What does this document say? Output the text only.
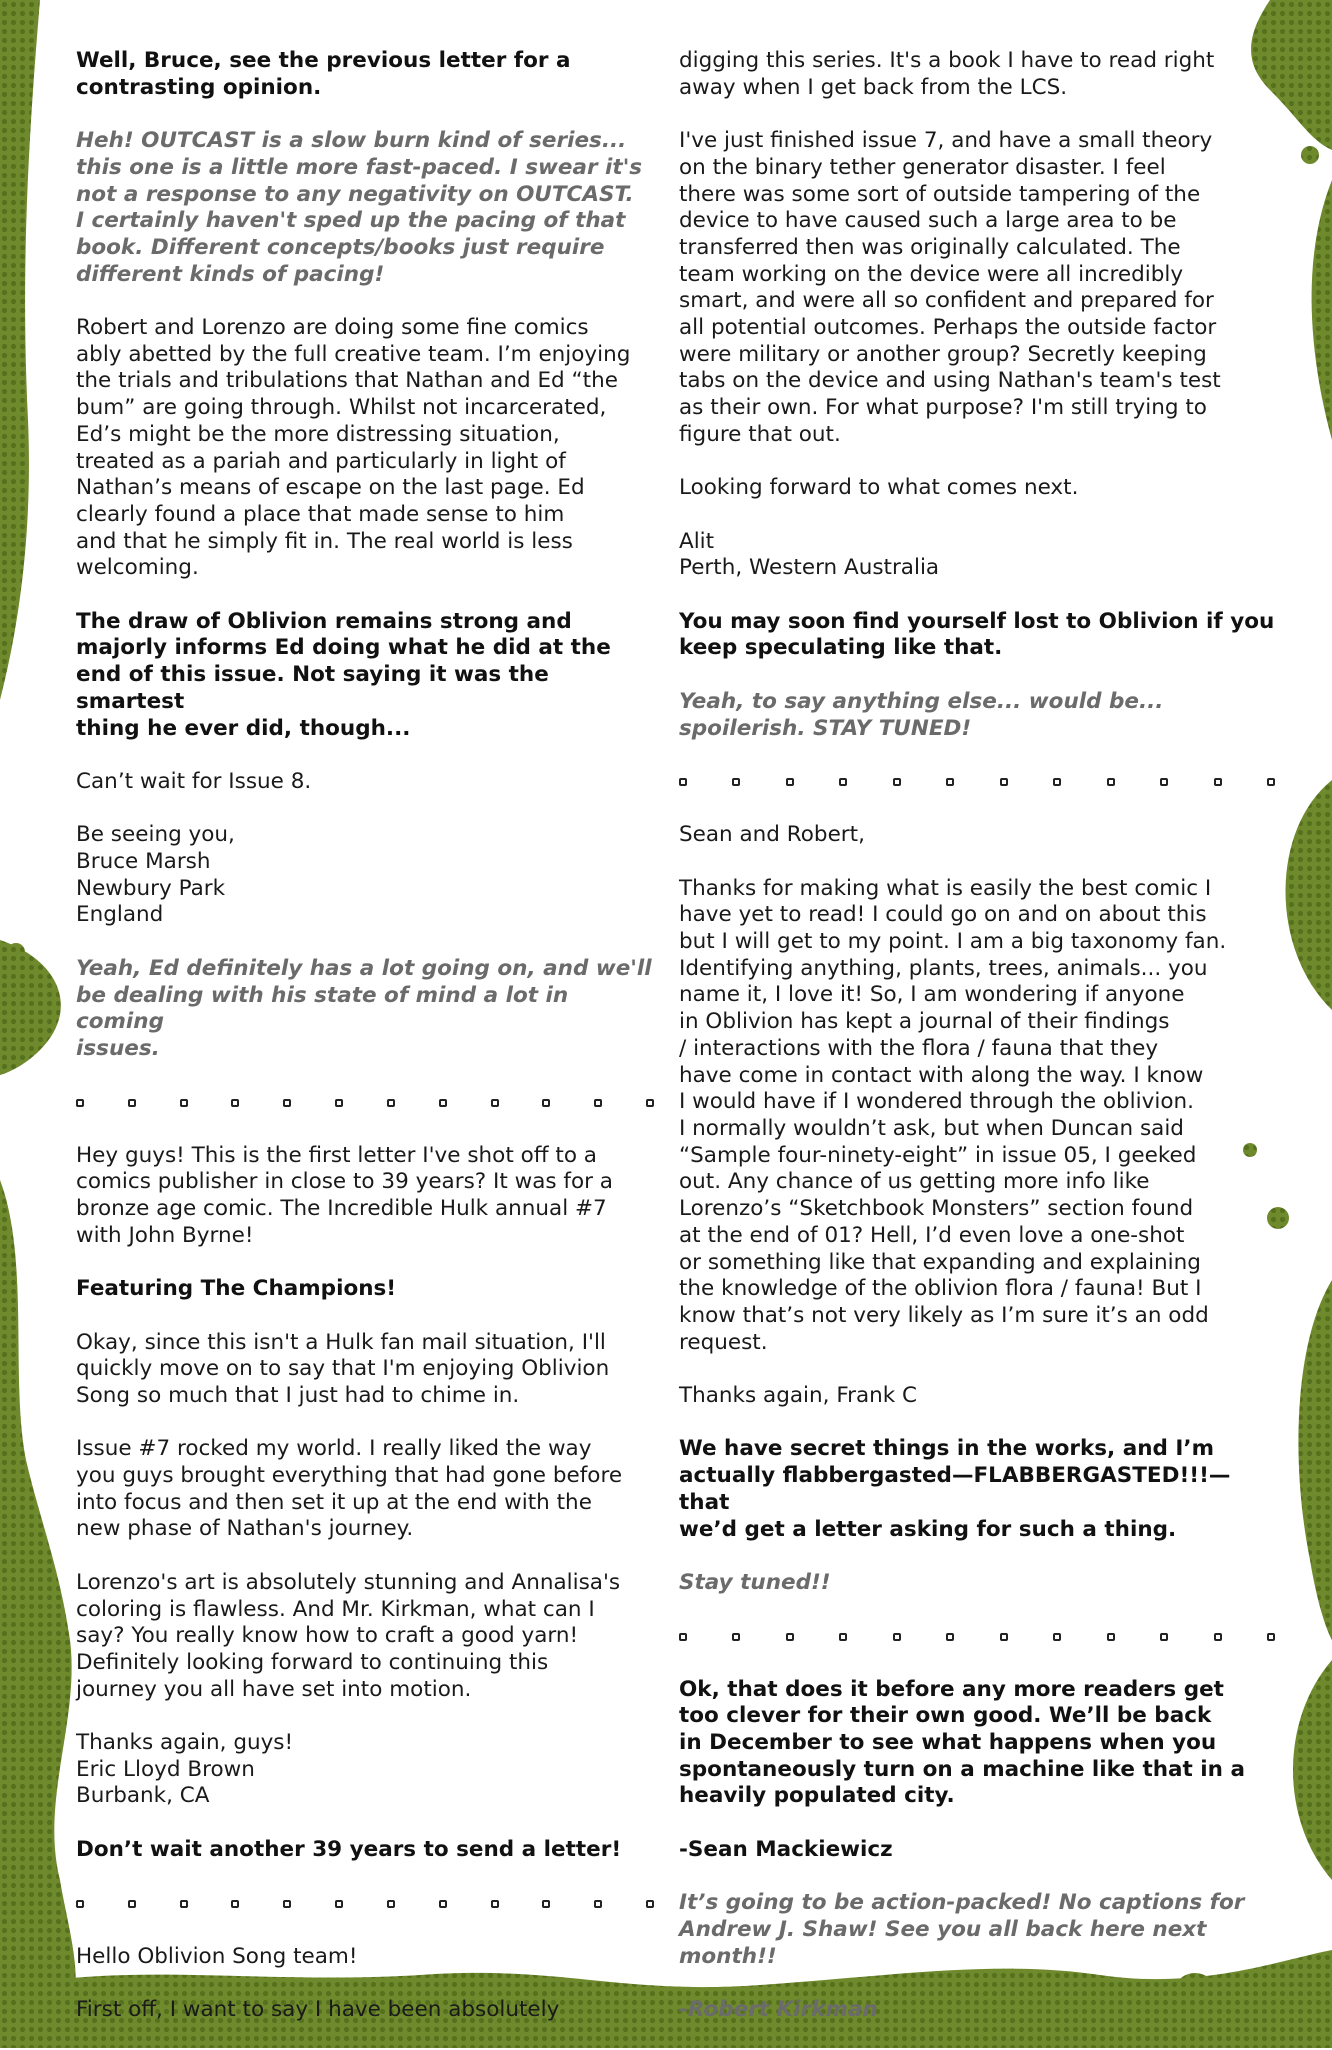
Well, Bruce, see the previous letter for a
contrasting opinion.

Heh! OUTCAST is a slow burn kind of series...
this one is a little more fast-paced. I swear it's
not a response to any negativity on OUTCAST.
I certainly haven't sped up the pacing of that
book. Different concepts/books just require
different kinds of pacing!

Robert and Lorenzo are doing some fine comics
ably abetted by the full creative team. I’m enjoying
the trials and tribulations that Nathan and Ed “the
bum” are going through. Whilst not incarcerated,
Ed’s might be the more distressing situation,
treated as a pariah and particularly in light of
Nathan’s means of escape on the last page. Ed
clearly found a place that made sense to him
and that he simply fit in. The real world is less
welcoming.

The draw of Oblivion remains strong and
majorly informs Ed doing what he did at the
end of this issue. Not saying it was the smartest
thing he ever did, though...

Can’t wait for Issue 8.

Be seeing you,
Bruce Marsh
Newbury Park
England

Yeah, Ed definitely has a lot going on, and we'll
be dealing with his state of mind a lot in coming
issues.

Hey guys! This is the first letter I've shot off to a
comics publisher in close to 39 years? It was for a
bronze age comic. The Incredible Hulk annual #7
with John Byrne!

Featuring The Champions!

Okay, since this isn't a Hulk fan mail situation, I'll
quickly move on to say that I'm enjoying Oblivion
Song so much that I just had to chime in.

Issue #7 rocked my world. I really liked the way
you guys brought everything that had gone before
into focus and then set it up at the end with the
new phase of Nathan's journey.

Lorenzo's art is absolutely stunning and Annalisa's
coloring is flawless. And Mr. Kirkman, what can I
say? You really know how to craft a good yarn!
Definitely looking forward to continuing this
journey you all have set into motion.

Thanks again, guys!
Eric Lloyd Brown
Burbank, CA

Don’t wait another 39 years to send a letter!

Hello Oblivion Song team!

First off, I want to say I have been absolutely

digging this series. It's a book I have to read right
away when I get back from the LCS.

I've just finished issue 7, and have a small theory
on the binary tether generator disaster. I feel
there was some sort of outside tampering of the
device to have caused such a large area to be
transferred then was originally calculated. The
team working on the device were all incredibly
smart, and were all so confident and prepared for
all potential outcomes. Perhaps the outside factor
were military or another group? Secretly keeping
tabs on the device and using Nathan's team's test
as their own. For what purpose? I'm still trying to
figure that out.

Looking forward to what comes next.

Alit
Perth, Western Australia

You may soon find yourself lost to Oblivion if you
keep speculating like that.

Yeah, to say anything else... would be...
spoilerish. STAY TUNED!

Sean and Robert,

Thanks for making what is easily the best comic I
have yet to read! I could go on and on about this
but I will get to my point. I am a big taxonomy fan.
Identifying anything, plants, trees, animals... you
name it, I love it! So, I am wondering if anyone
in Oblivion has kept a journal of their findings
/ interactions with the flora / fauna that they
have come in contact with along the way. I know
I would have if I wondered through the oblivion.
I normally wouldn’t ask, but when Duncan said
“Sample four-ninety-eight” in issue 05, I geeked
out. Any chance of us getting more info like
Lorenzo’s “Sketchbook Monsters” section found
at the end of 01? Hell, I’d even love a one-shot
or something like that expanding and explaining
the knowledge of the oblivion flora / fauna! But I
know that’s not very likely as I’m sure it’s an odd
request.

Thanks again, Frank C

We have secret things in the works, and I’m
actually flabbergasted—FLABBERGASTED!!!—that
we’d get a letter asking for such a thing.

Stay tuned!!

Ok, that does it before any more readers get
too clever for their own good. We’ll be back
in December to see what happens when you
spontaneously turn on a machine like that in a
heavily populated city.

-Sean Mackiewicz

It’s going to be action-packed! No captions for
Andrew J. Shaw! See you all back here next
month!!

-Robert Kirkman
